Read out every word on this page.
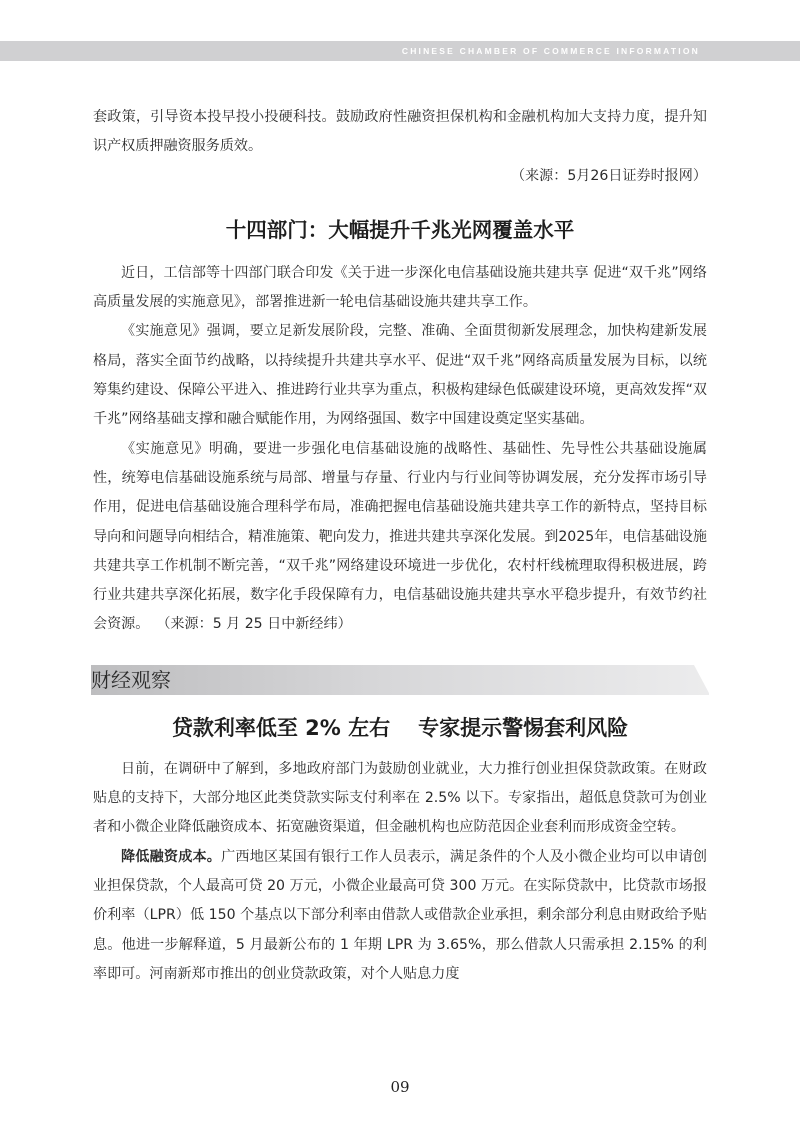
CHINESE CHAMBER OF COMMERCE INFORMATION

套政策，引导资本投早投小投硬科技。鼓励政府性融资担保机构和金融机构加大支持力度，提升知识产权质押融资服务质效。

（来源：5月26日证券时报网）

十四部门：大幅提升千兆光网覆盖水平

近日，工信部等十四部门联合印发《关于进一步深化电信基础设施共建共享 促进“双千兆”网络高质量发展的实施意见》，部署推进新一轮电信基础设施共建共享工作。

《实施意见》强调，要立足新发展阶段，完整、准确、全面贯彻新发展理念，加快构建新发展格局，落实全面节约战略，以持续提升共建共享水平、促进“双千兆”网络高质量发展为目标，以统筹集约建设、保障公平进入、推进跨行业共享为重点，积极构建绿色低碳建设环境，更高效发挥“双千兆”网络基础支撑和融合赋能作用，为网络强国、数字中国建设奠定坚实基础。

《实施意见》明确，要进一步强化电信基础设施的战略性、基础性、先导性公共基础设施属性，统筹电信基础设施系统与局部、增量与存量、行业内与行业间等协调发展，充分发挥市场引导作用，促进电信基础设施合理科学布局，准确把握电信基础设施共建共享工作的新特点，坚持目标导向和问题导向相结合，精准施策、靶向发力，推进共建共享深化发展。到2025年，电信基础设施共建共享工作机制不断完善，“双千兆”网络建设环境进一步优化，农村杆线梳理取得积极进展，跨行业共建共享深化拓展，数字化手段保障有力，电信基础设施共建共享水平稳步提升，有效节约社会资源。 （来源：5 月 25 日中新经纬）

财经观察
贷款利率低至 2% 左右 专家提示警惕套利风险

日前，在调研中了解到，多地政府部门为鼓励创业就业，大力推行创业担保贷款政策。在财政贴息的支持下，大部分地区此类贷款实际支付利率在 2.5% 以下。专家指出，超低息贷款可为创业者和小微企业降低融资成本、拓宽融资渠道，但金融机构也应防范因企业套利而形成资金空转。

降低融资成本。广西地区某国有银行工作人员表示，满足条件的个人及小微企业均可以申请创业担保贷款，个人最高可贷 20 万元，小微企业最高可贷 300 万元。在实际贷款中，比贷款市场报价利率（LPR）低 150 个基点以下部分利率由借款人或借款企业承担，剩余部分利息由财政给予贴息。他进一步解释道，5 月最新公布的 1 年期 LPR 为 3.65%，那么借款人只需承担 2.15% 的利率即可。河南新郑市推出的创业贷款政策，对个人贴息力度

09
